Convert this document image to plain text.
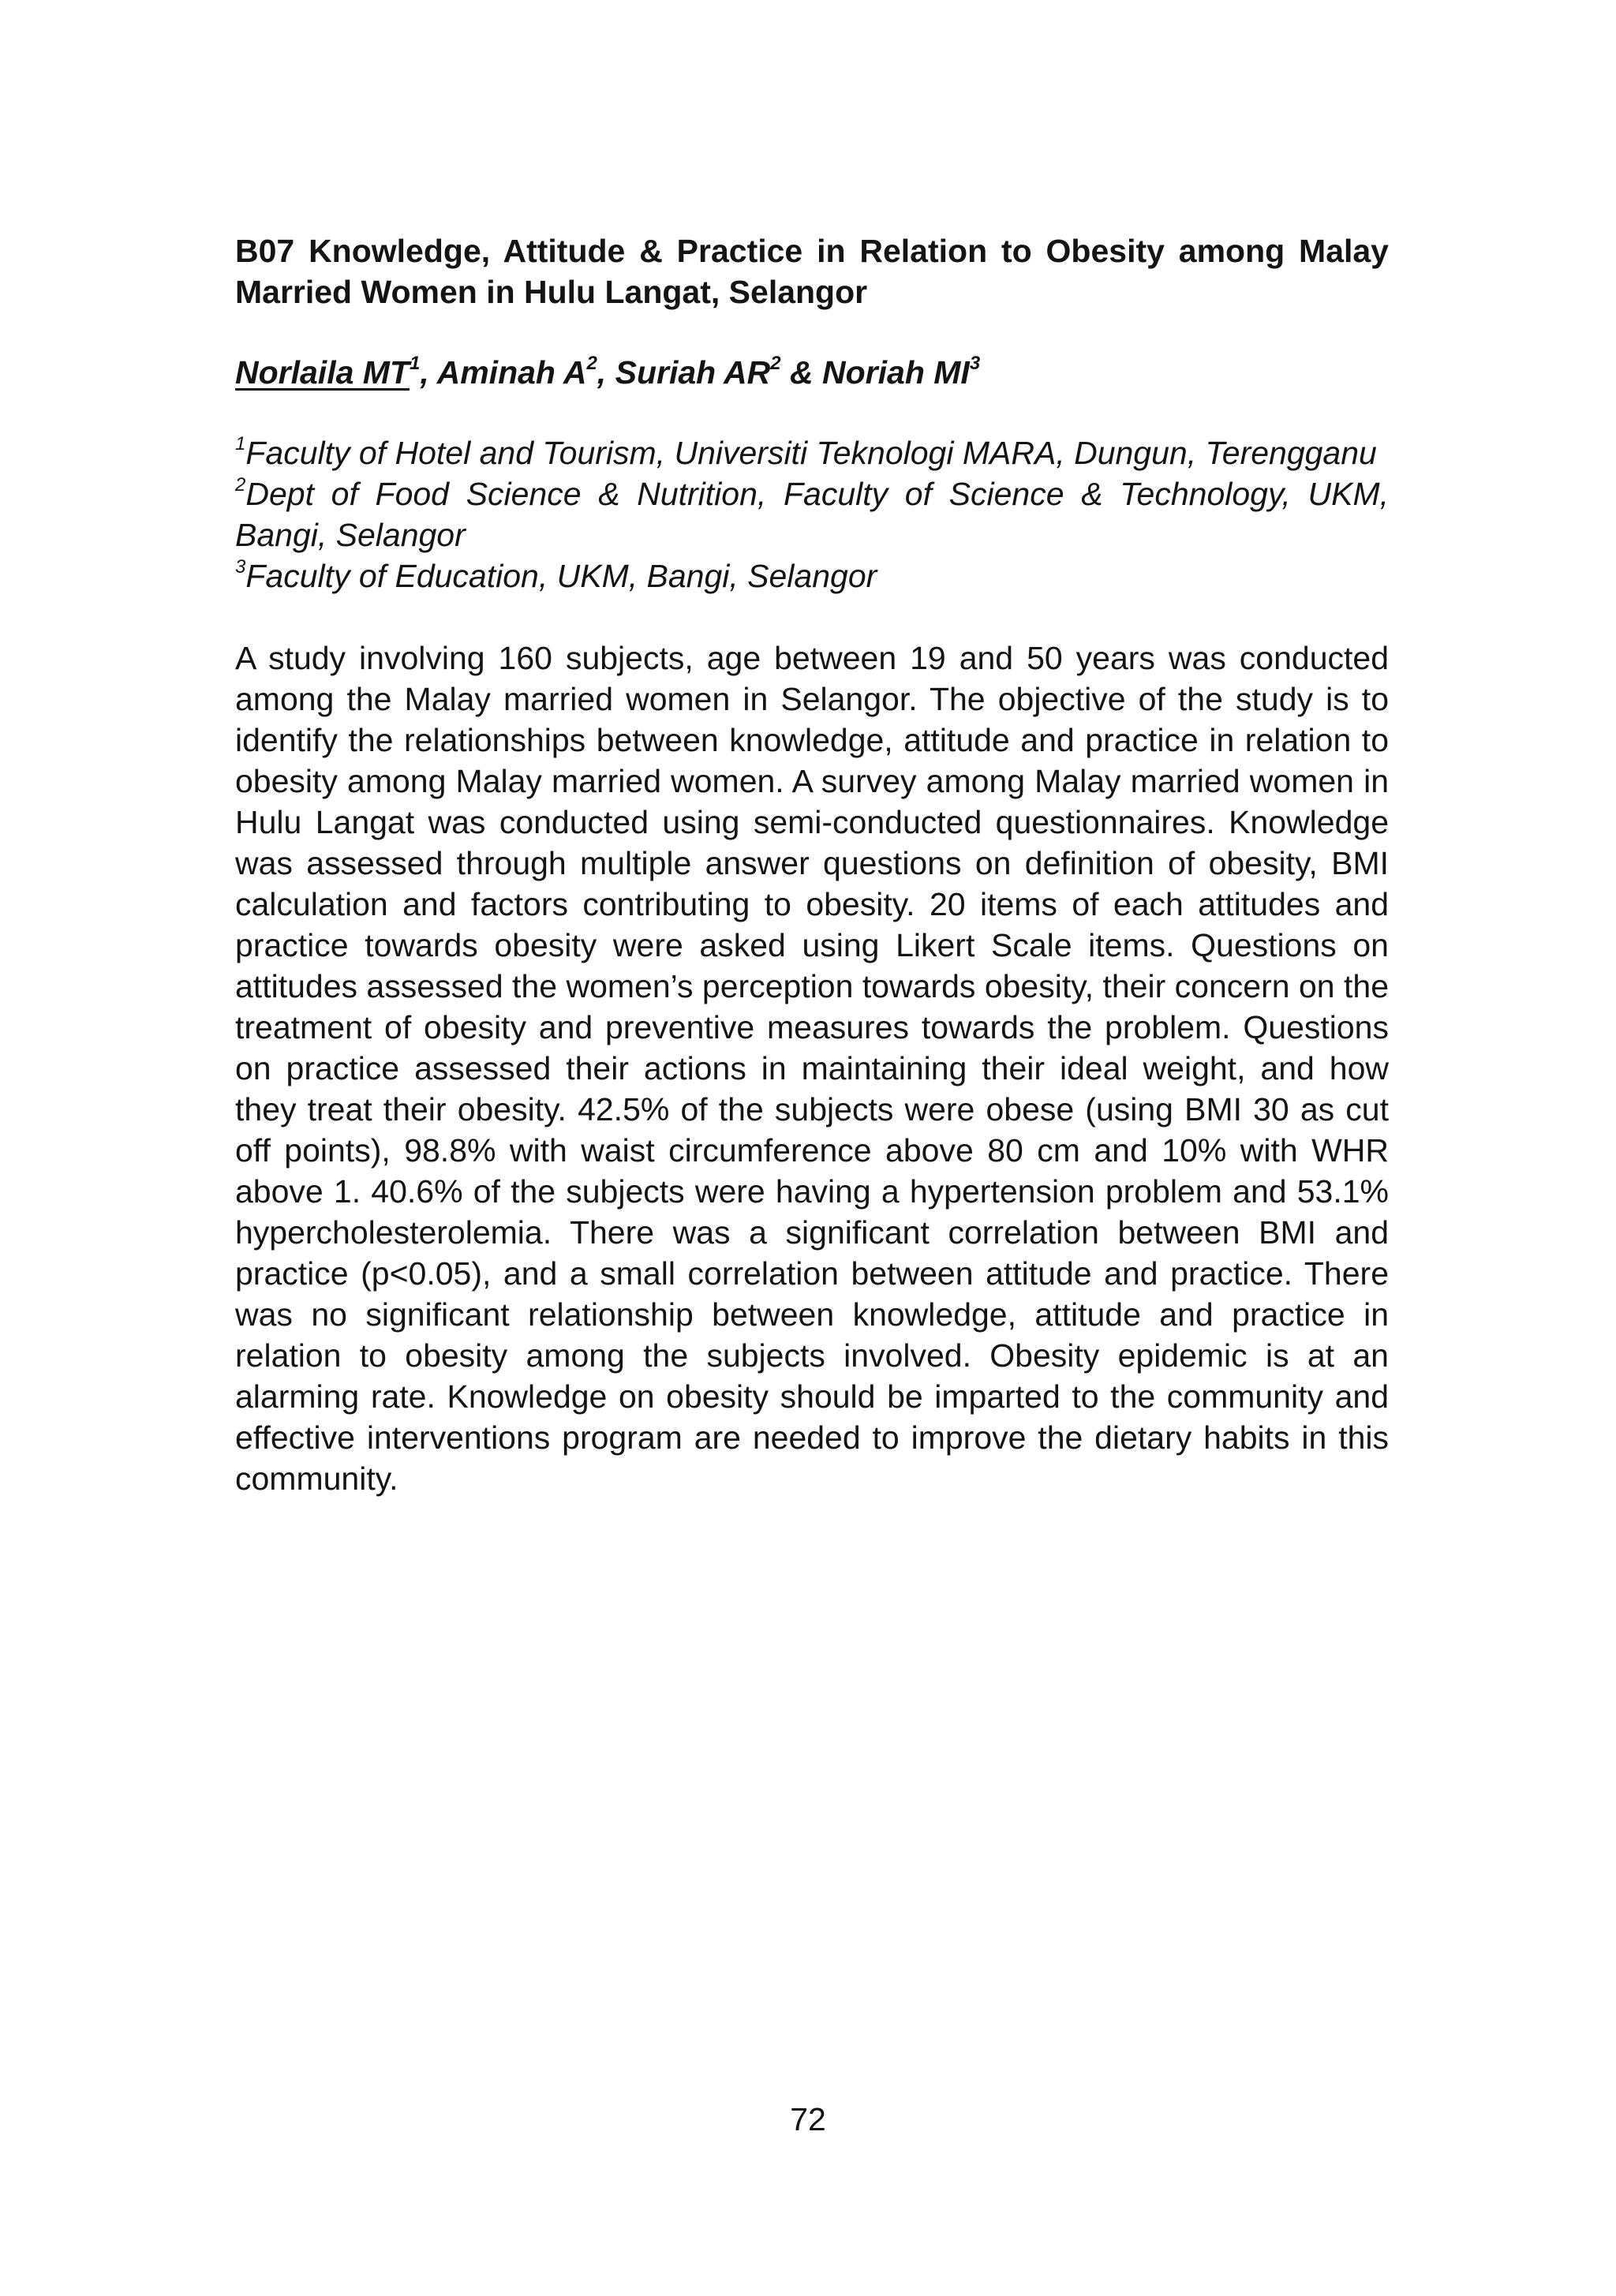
B07 Knowledge, Attitude & Practice in Relation to Obesity among Malay Married Women in Hulu Langat, Selangor

Norlaila $MT^1$, Aminah $A^2$, Suriah $AR^2$ & Noriah $MI^3$

$^1$Faculty of Hotel and Tourism, Universiti Teknologi MARA, Dungun, Terengganu

$^2$Dept of Food Science & Nutrition, Faculty of Science & Technology, UKM, Bangi, Selangor

$^3$Faculty of Education, UKM, Bangi, Selangor

A study involving 160 subjects, age between 19 and 50 years was conducted among the Malay married women in Selangor. The objective of the study is to identify the relationships between knowledge, attitude and practice in relation to obesity among Malay married women. A survey among Malay married women in Hulu Langat was conducted using semi-conducted questionnaires. Knowledge was assessed through multiple answer questions on definition of obesity, BMI calculation and factors contributing to obesity. 20 items of each attitudes and practice towards obesity were asked using Likert Scale items. Questions on attitudes assessed the women’s perception towards obesity, their concern on the treatment of obesity and preventive measures towards the problem. Questions on practice assessed their actions in maintaining their ideal weight, and how they treat their obesity. 42.5% of the subjects were obese (using BMI 30 as cut off points), 98.8% with waist circumference above 80 cm and 10% with WHR above 1. 40.6% of the subjects were having a hypertension problem and 53.1% hypercholesterolemia. There was a significant correlation between BMI and practice (p<0.05), and a small correlation between attitude and practice. There was no significant relationship between knowledge, attitude and practice in relation to obesity among the subjects involved. Obesity epidemic is at an alarming rate. Knowledge on obesity should be imparted to the community and effective interventions program are needed to improve the dietary habits in this community.

72
